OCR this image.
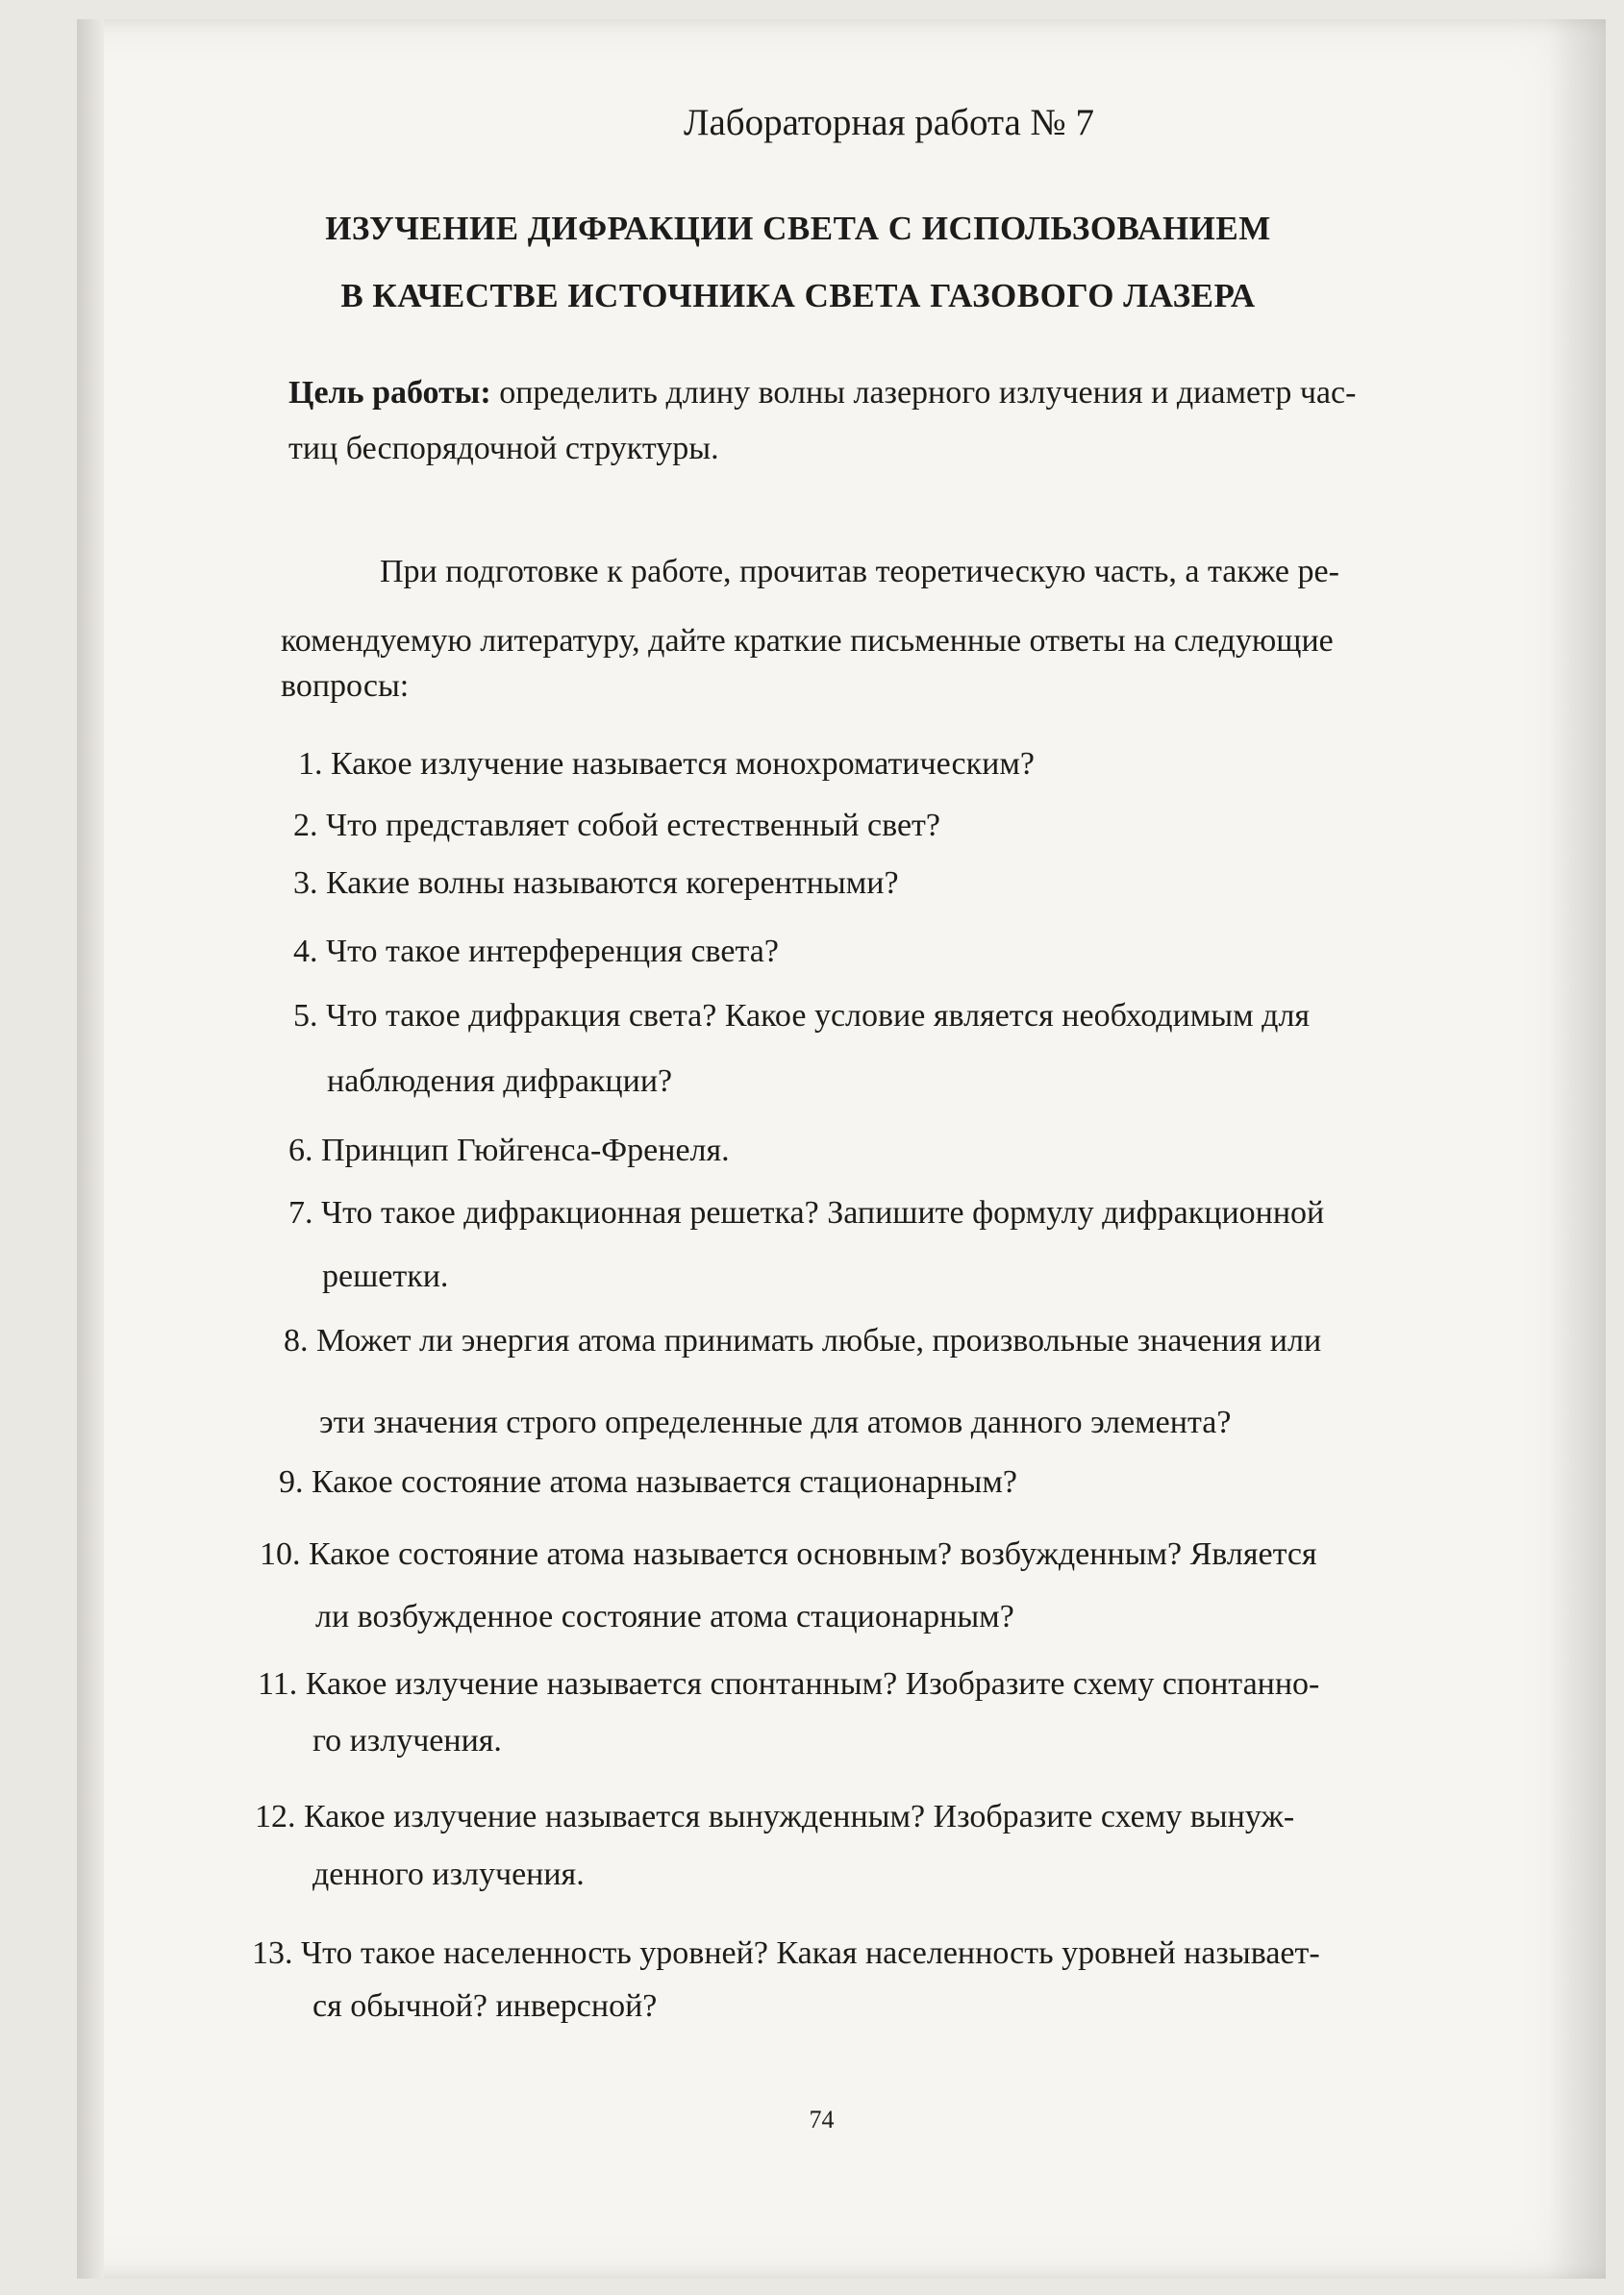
Лабораторная работа № 7
ИЗУЧЕНИЕ ДИФРАКЦИИ СВЕТА С ИСПОЛЬЗОВАНИЕМ
В КАЧЕСТВЕ ИСТОЧНИКА СВЕТА ГАЗОВОГО ЛАЗЕРА
Цель работы: определить длину волны лазерного излучения и диаметр час-
тиц беспорядочной структуры.
При подготовке к работе, прочитав теоретическую часть, а также ре-
комендуемую литературу, дайте краткие письменные ответы на следующие
вопросы:
1. Какое излучение называется монохроматическим?
2. Что представляет собой естественный свет?
3. Какие волны называются когерентными?
4. Что такое интерференция света?
5. Что такое дифракция света? Какое условие является необходимым для
наблюдения дифракции?
6. Принцип Гюйгенса-Френеля.
7. Что такое дифракционная решетка? Запишите формулу дифракционной
решетки.
8. Может ли энергия атома принимать любые, произвольные значения или
эти значения строго определенные для атомов данного элемента?
9. Какое состояние атома называется стационарным?
10. Какое состояние атома называется основным? возбужденным? Является
ли возбужденное состояние атома стационарным?
11. Какое излучение называется спонтанным? Изобразите схему спонтанно-
го излучения.
12. Какое излучение называется вынужденным? Изобразите схему вынуж-
денного излучения.
13. Что такое населенность уровней? Какая населенность уровней называет-
ся обычной? инверсной?
74
